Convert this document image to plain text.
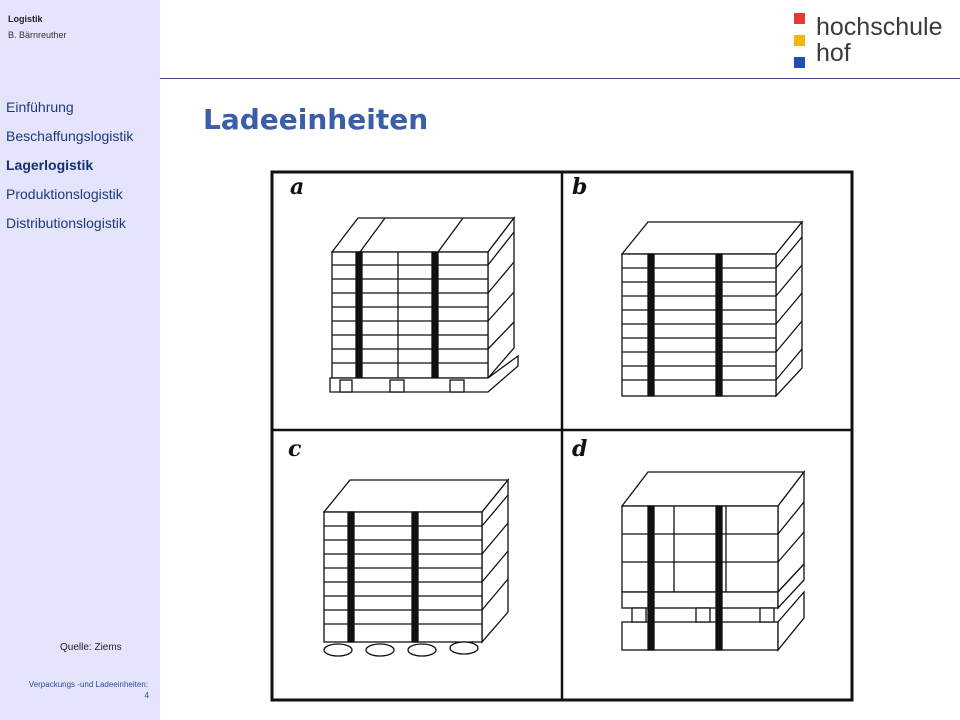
Logistik
B. Bärnreuther
Einführung
Beschaffungslogistik
Lagerlogistik
Produktionslogistik
Distributionslogistik
Quelle: Ziems
Verpackungs -und Ladeeinheiten:
4
hochschule
hof
Ladeeinheiten
a	b
c	d
